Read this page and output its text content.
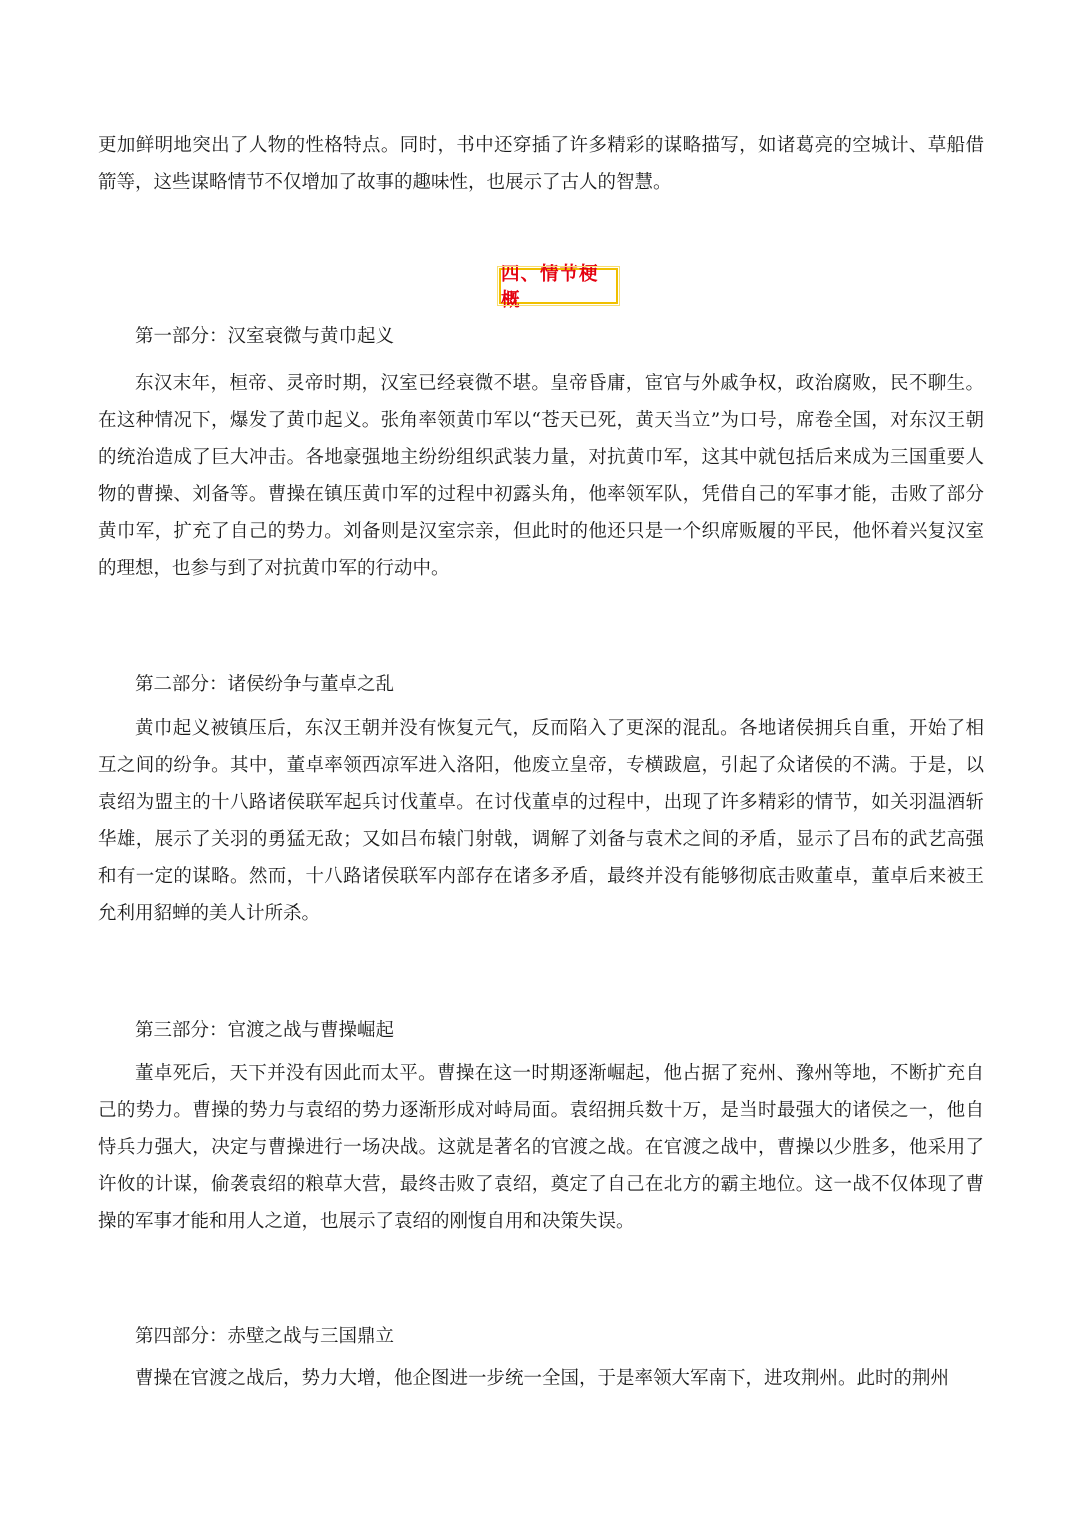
更加鲜明地突出了人物的性格特点。同时，书中还穿插了许多精彩的谋略描写，如诸葛亮的空城计、草船借箭等，这些谋略情节不仅增加了故事的趣味性，也展示了古人的智慧。

四、情节梗概

第一部分：汉室衰微与黄巾起义

东汉末年，桓帝、灵帝时期，汉室已经衰微不堪。皇帝昏庸，宦官与外戚争权，政治腐败，民不聊生。在这种情况下，爆发了黄巾起义。张角率领黄巾军以“苍天已死，黄天当立”为口号，席卷全国，对东汉王朝的统治造成了巨大冲击。各地豪强地主纷纷组织武装力量，对抗黄巾军，这其中就包括后来成为三国重要人物的曹操、刘备等。曹操在镇压黄巾军的过程中初露头角，他率领军队，凭借自己的军事才能，击败了部分黄巾军，扩充了自己的势力。刘备则是汉室宗亲，但此时的他还只是一个织席贩履的平民，他怀着兴复汉室的理想，也参与到了对抗黄巾军的行动中。

第二部分：诸侯纷争与董卓之乱

黄巾起义被镇压后，东汉王朝并没有恢复元气，反而陷入了更深的混乱。各地诸侯拥兵自重，开始了相互之间的纷争。其中，董卓率领西凉军进入洛阳，他废立皇帝，专横跋扈，引起了众诸侯的不满。于是，以袁绍为盟主的十八路诸侯联军起兵讨伐董卓。在讨伐董卓的过程中，出现了许多精彩的情节，如关羽温酒斩华雄，展示了关羽的勇猛无敌；又如吕布辕门射戟，调解了刘备与袁术之间的矛盾，显示了吕布的武艺高强和有一定的谋略。然而，十八路诸侯联军内部存在诸多矛盾，最终并没有能够彻底击败董卓，董卓后来被王允利用貂蝉的美人计所杀。

第三部分：官渡之战与曹操崛起

董卓死后，天下并没有因此而太平。曹操在这一时期逐渐崛起，他占据了兖州、豫州等地，不断扩充自己的势力。曹操的势力与袁绍的势力逐渐形成对峙局面。袁绍拥兵数十万，是当时最强大的诸侯之一，他自恃兵力强大，决定与曹操进行一场决战。这就是著名的官渡之战。在官渡之战中，曹操以少胜多，他采用了许攸的计谋，偷袭袁绍的粮草大营，最终击败了袁绍，奠定了自己在北方的霸主地位。这一战不仅体现了曹操的军事才能和用人之道，也展示了袁绍的刚愎自用和决策失误。

第四部分：赤壁之战与三国鼎立

曹操在官渡之战后，势力大增，他企图进一步统一全国，于是率领大军南下，进攻荆州。此时的荆州
